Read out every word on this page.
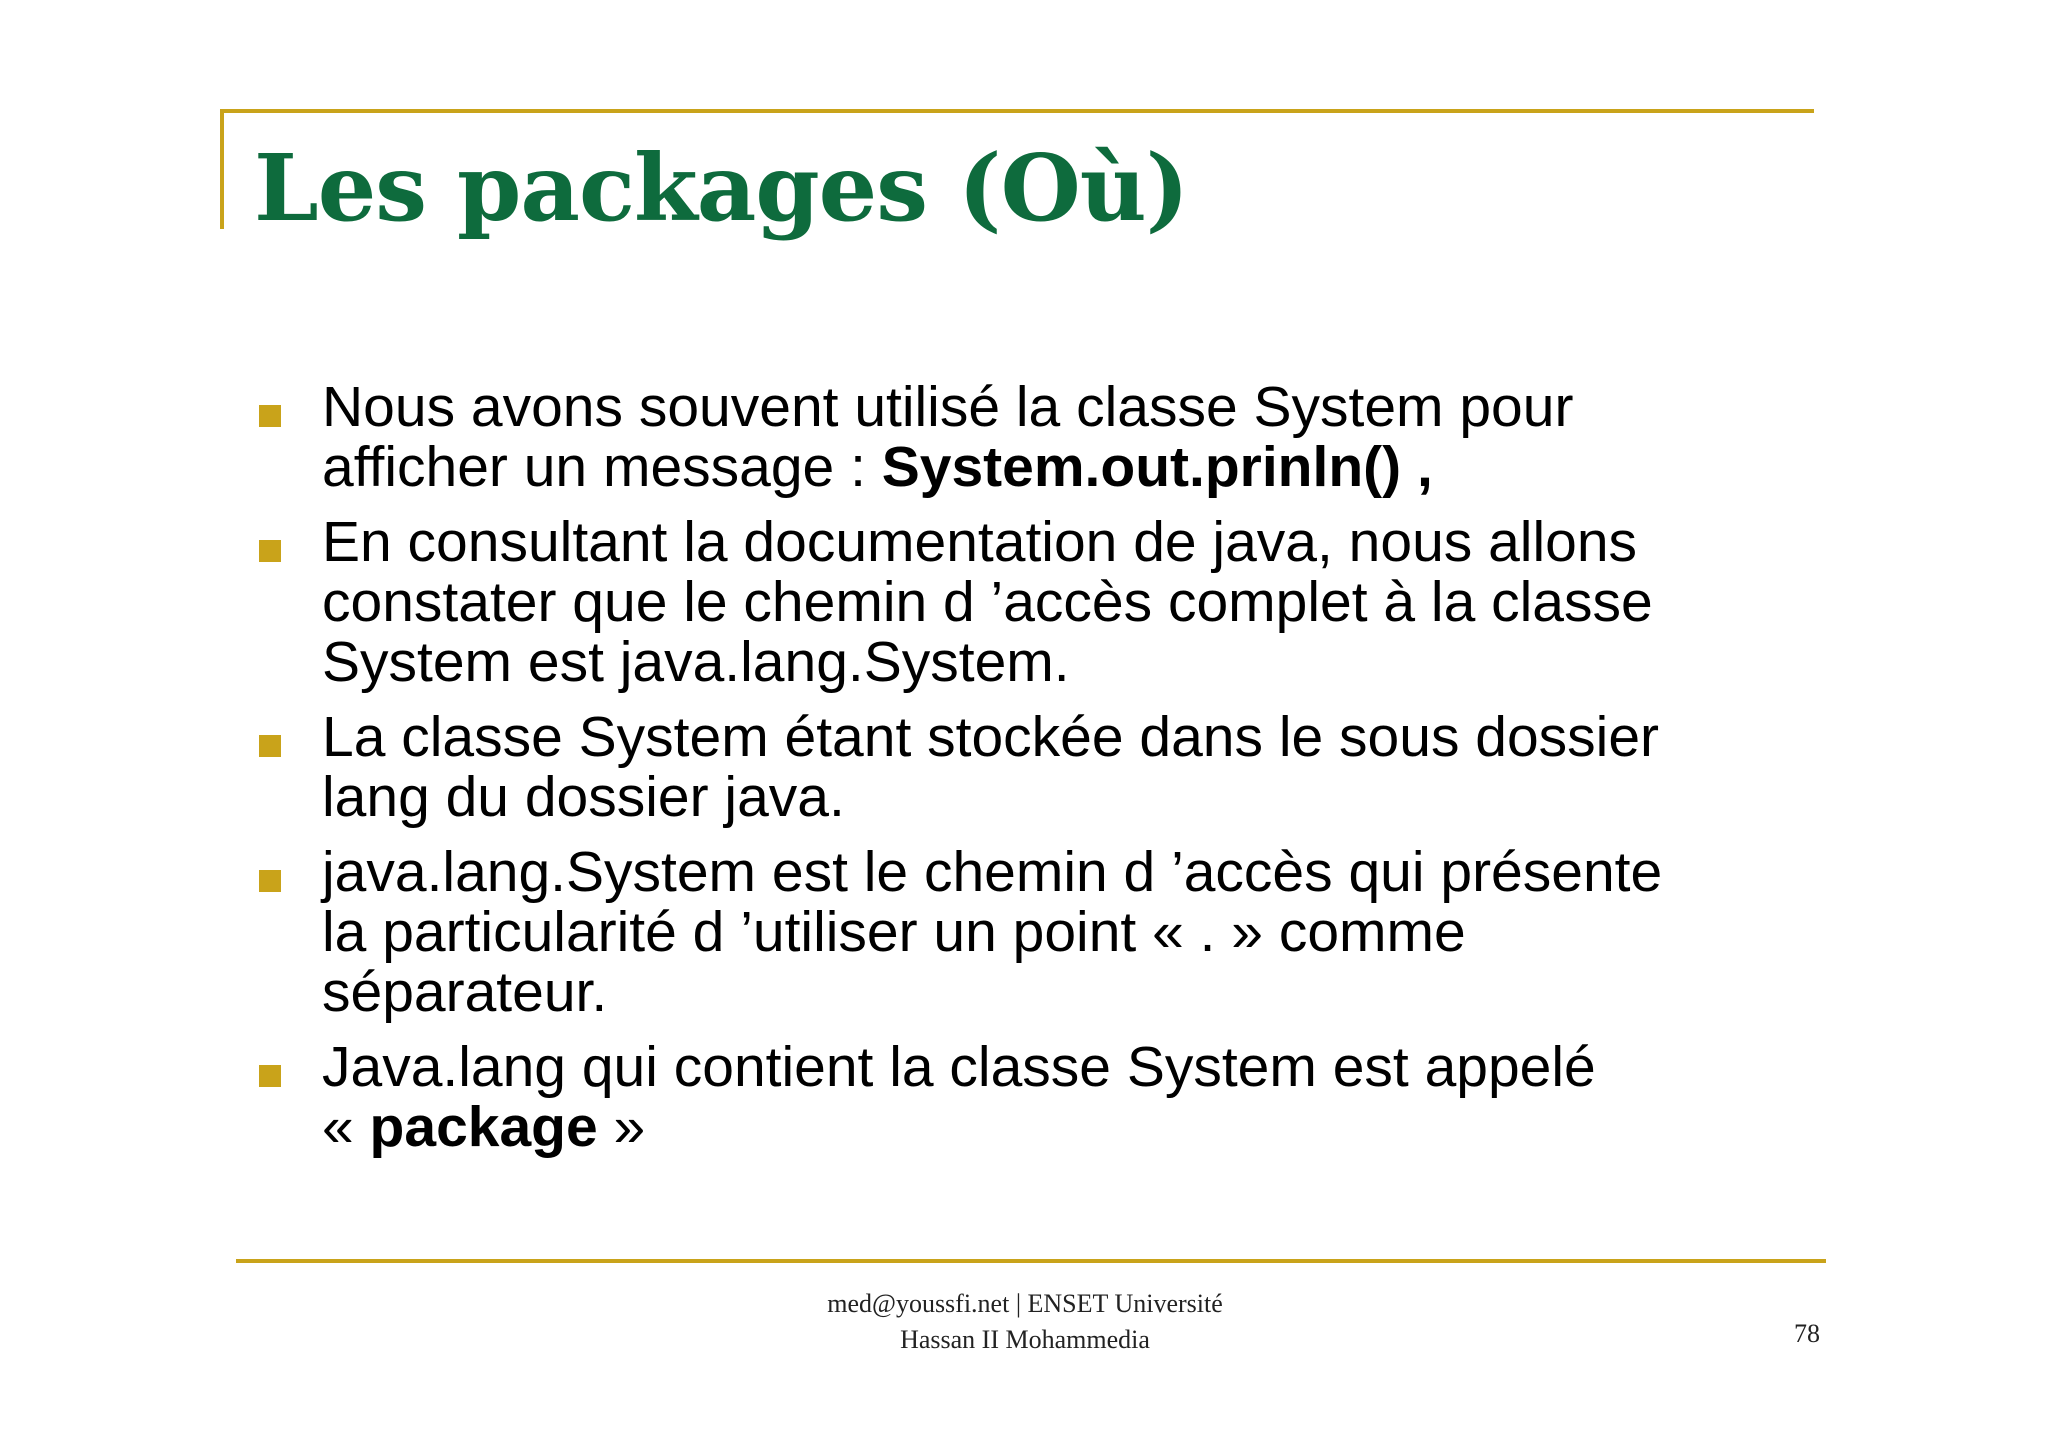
Les packages (Où)
Nous avons souvent utilisé la classe System pour
afficher un message : System.out.prinln() ,
En consultant la documentation de java, nous allons
constater que le chemin d ’accès complet à la classe
System est java.lang.System.
La classe System étant stockée dans le sous dossier
lang du dossier java.
java.lang.System est le chemin d ’accès qui présente
la particularité d ’utiliser un point « . » comme
séparateur.
Java.lang qui contient la classe System est appelé
« package »
med@youssfi.net | ENSET Université
Hassan II Mohammedia	78
